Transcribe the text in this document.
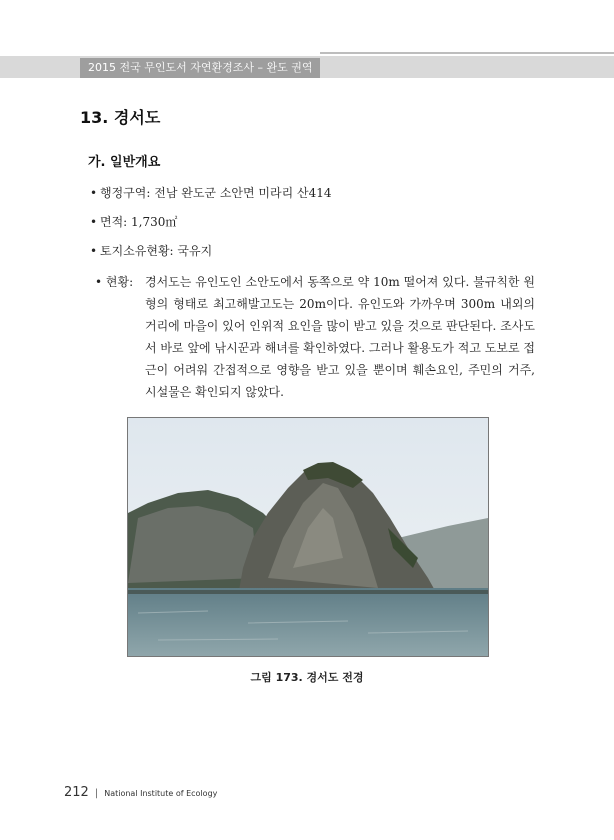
2015 전국 무인도서 자연환경조사 – 완도 권역
13. 경서도
가. 일반개요
• 행정구역: 전남 완도군 소안면 미라리 산414
• 면적: 1,730㎡
• 토지소유현황: 국유지
• 현황: 경서도는 유인도인 소안도에서 동쪽으로 약 10m 떨어져 있다. 불규칙한 원형의 형태로 최고해발고도는 20m이다. 유인도와 가까우며 300m 내외의 거리에 마을이 있어 인위적 요인을 많이 받고 있을 것으로 판단된다. 조사도서 바로 앞에 낚시꾼과 해녀를 확인하였다. 그러나 활용도가 적고 도보로 접근이 어려워 간접적으로 영향을 받고 있을 뿐이며 훼손요인, 주민의 거주, 시설물은 확인되지 않았다.
그림 173. 경서도 전경
212 | National Institute of Ecology
